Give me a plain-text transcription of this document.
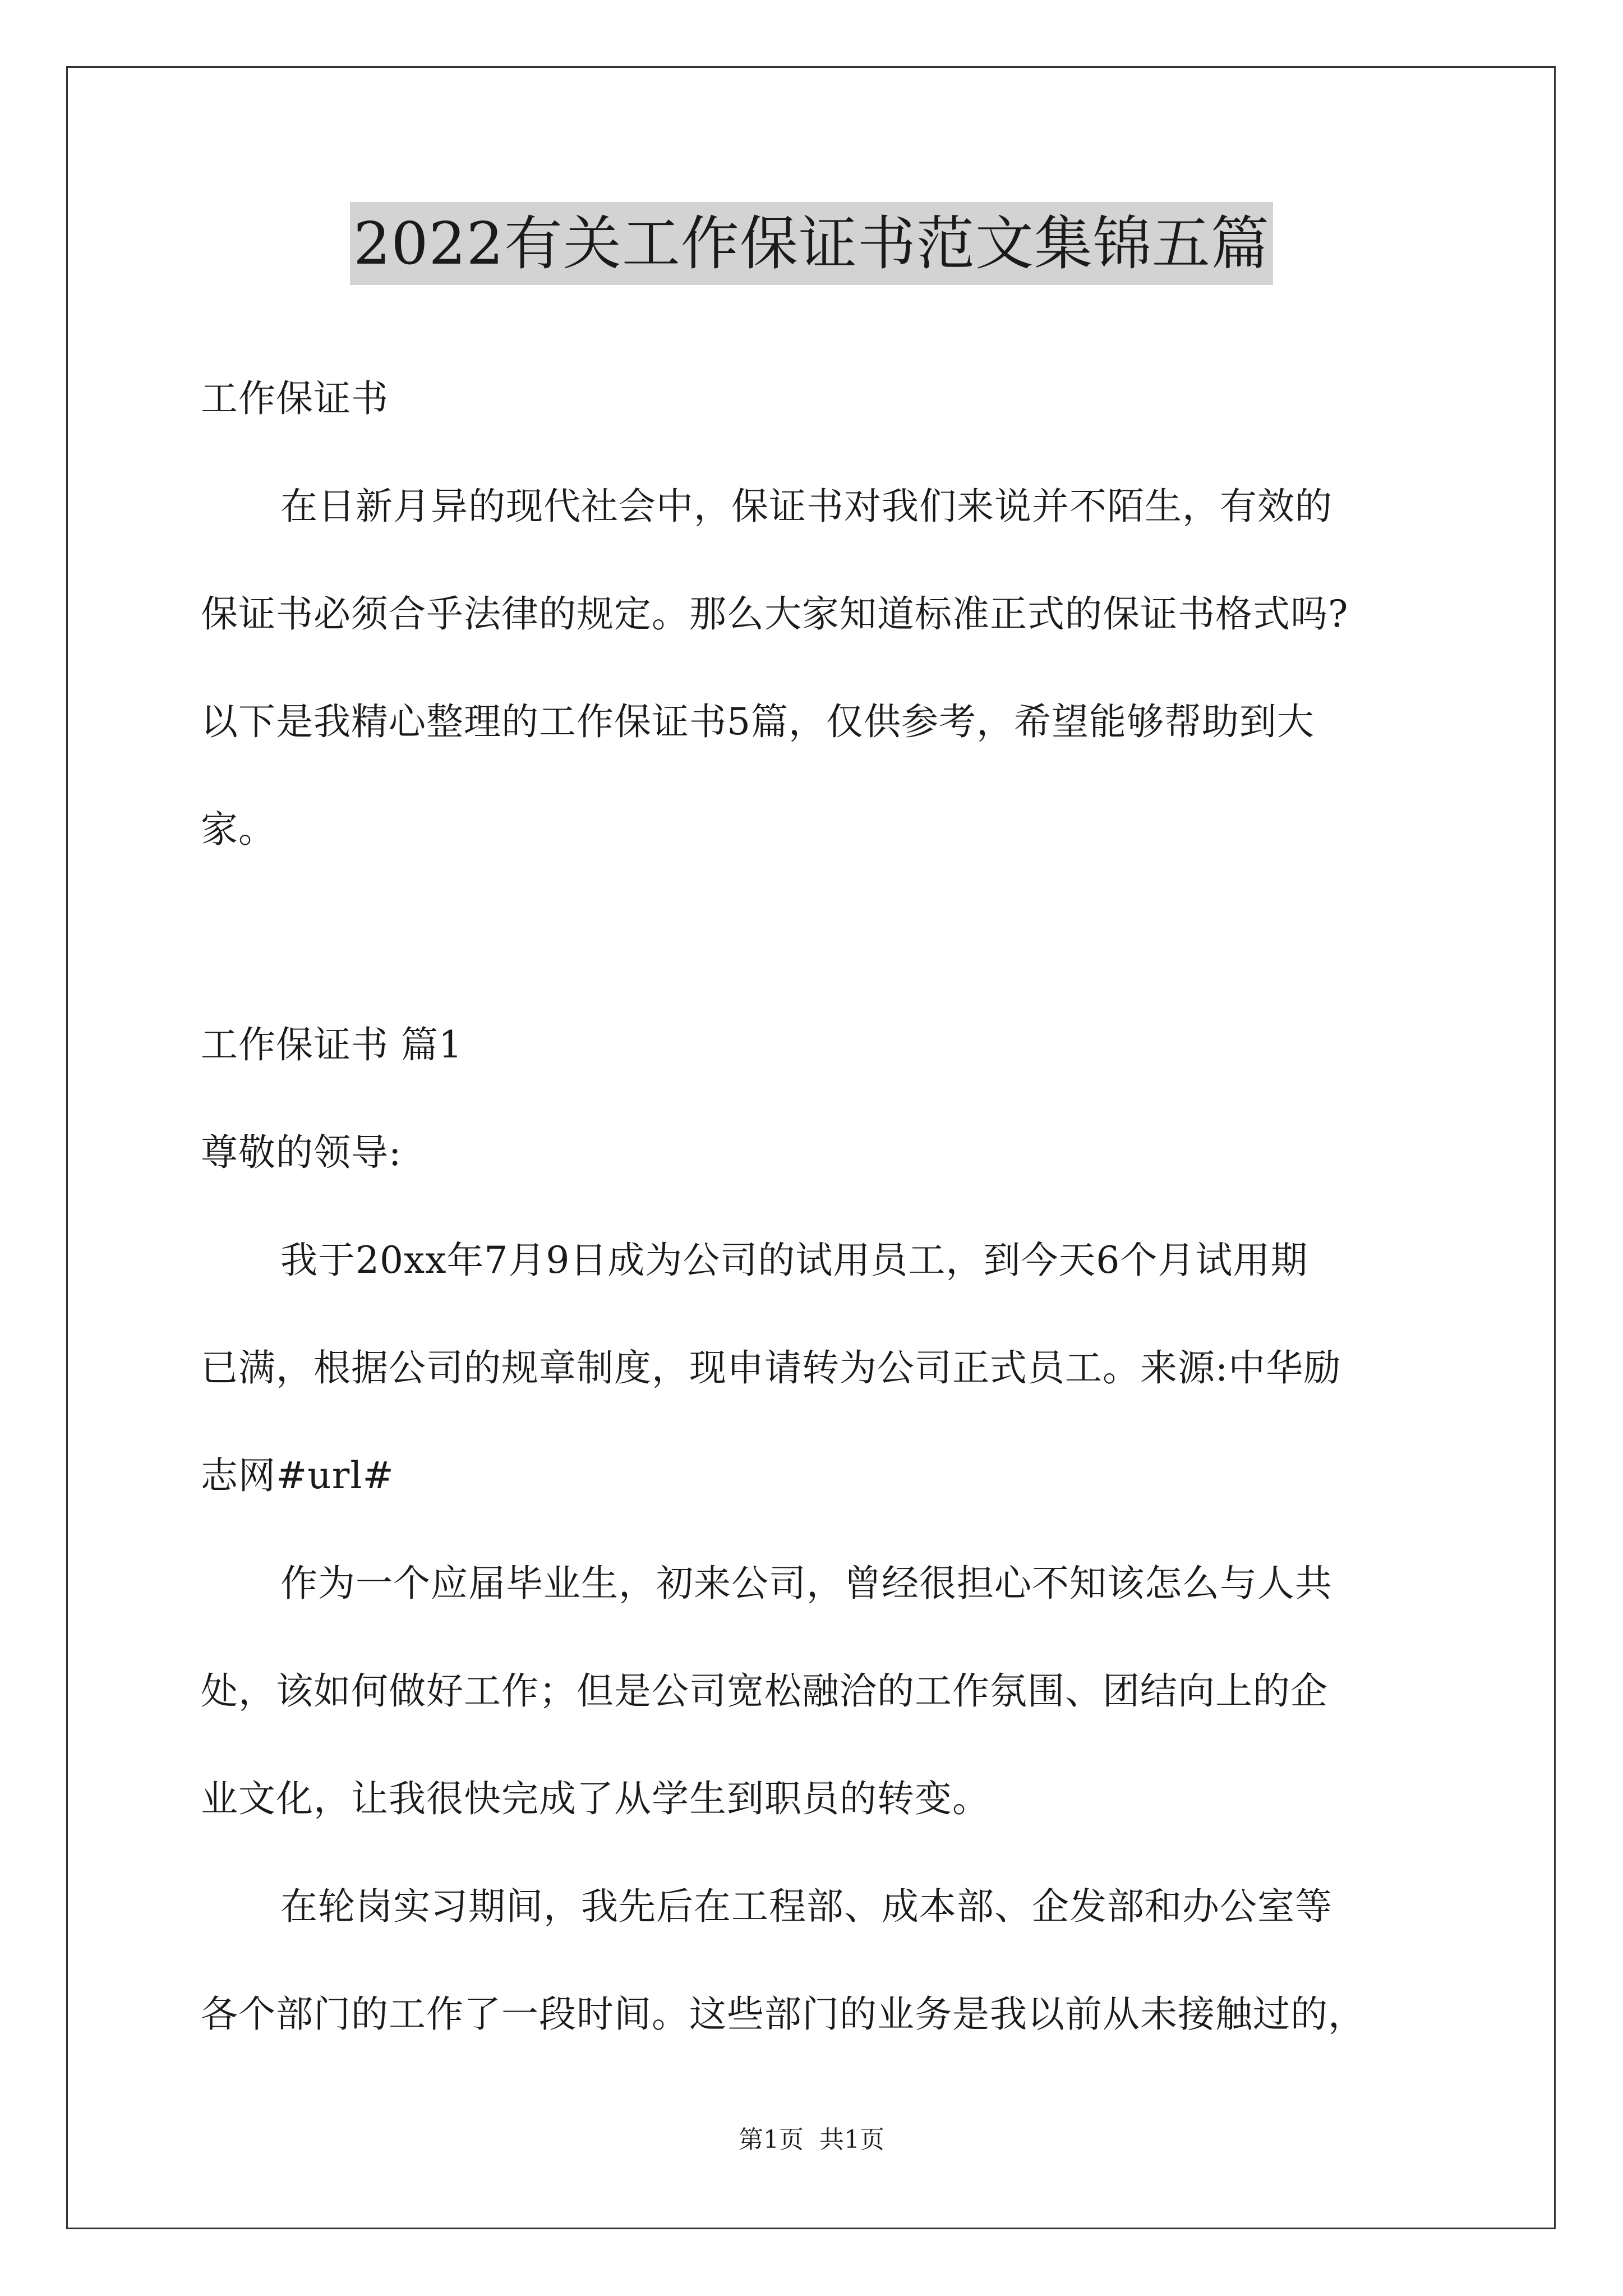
2022有关工作保证书范文集锦五篇
工作保证书
在日新月异的现代社会中，保证书对我们来说并不陌生，有效的
保证书必须合乎法律的规定。那么大家知道标准正式的保证书格式吗?
以下是我精心整理的工作保证书5篇，仅供参考，希望能够帮助到大
家。
工作保证书 篇1
尊敬的领导:
我于20xx年7月9日成为公司的试用员工，到今天6个月试用期
已满，根据公司的规章制度，现申请转为公司正式员工。来源:中华励
志网#url#
作为一个应届毕业生，初来公司，曾经很担心不知该怎么与人共
处，该如何做好工作；但是公司宽松融洽的工作氛围、团结向上的企
业文化，让我很快完成了从学生到职员的转变。
在轮岗实习期间，我先后在工程部、成本部、企发部和办公室等
各个部门的工作了一段时间。这些部门的业务是我以前从未接触过的，
第1页 共1页
